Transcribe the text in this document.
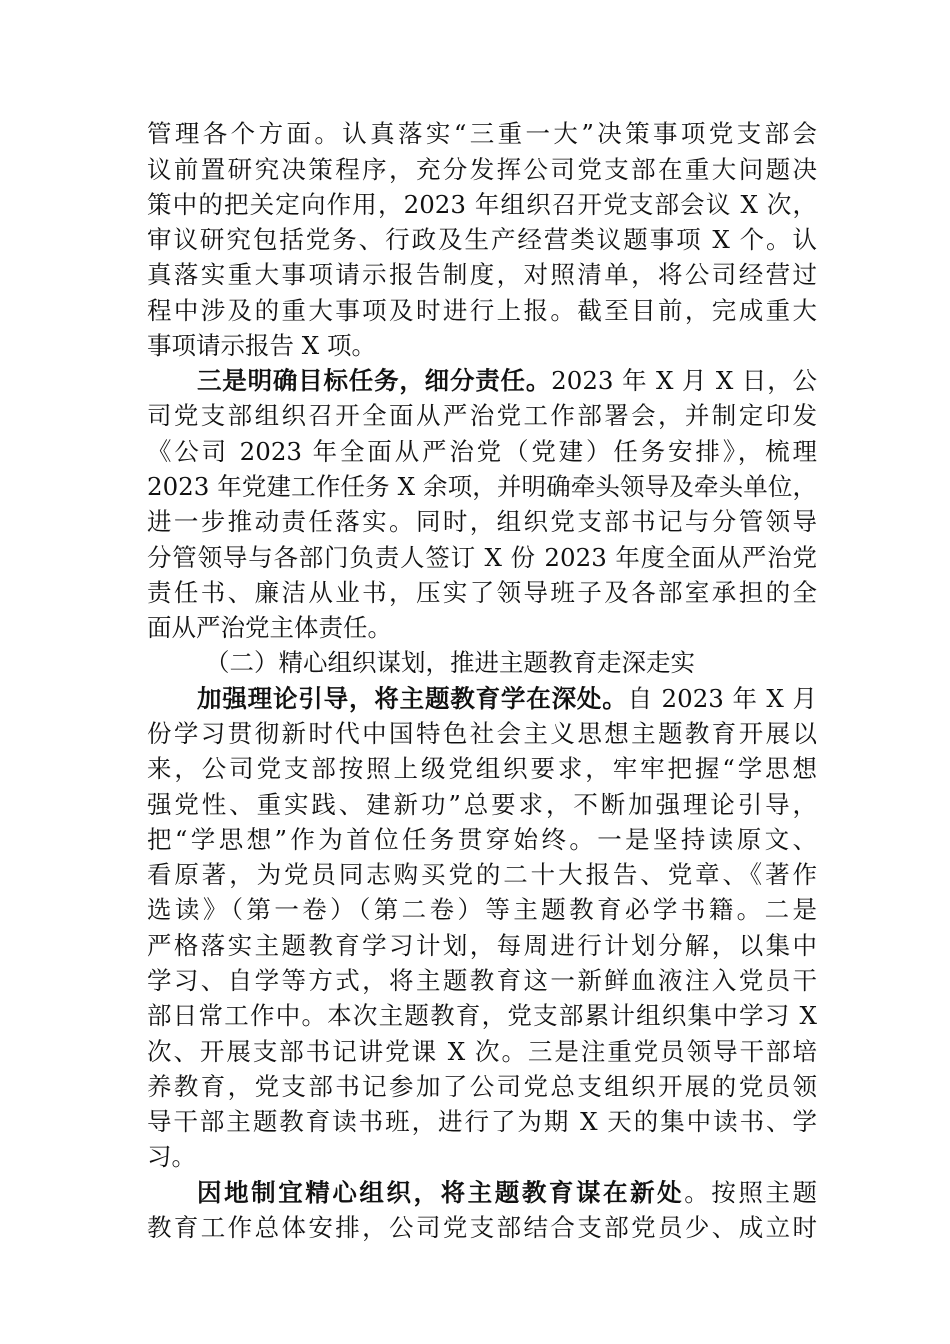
管理各个方面。认真落实“三重一大”决策事项党支部会
议前置研究决策程序，充分发挥公司党支部在重大问题决
策中的把关定向作用，2023 年组织召开党支部会议 X 次，
审议研究包括党务、行政及生产经营类议题事项 X 个。认
真落实重大事项请示报告制度，对照清单，将公司经营过
程中涉及的重大事项及时进行上报。截至目前，完成重大
事项请示报告 X 项。
三是明确目标任务，细分责任。2023 年 X 月 X 日，公
司党支部组织召开全面从严治党工作部署会，并制定印发
《公司 2023 年全面从严治党（党建）任务安排》，梳理
2023 年党建工作任务 X 余项，并明确牵头领导及牵头单位，
进一步推动责任落实。同时，组织党支部书记与分管领导
分管领导与各部门负责人签订 X 份 2023 年度全面从严治党
责任书、廉洁从业书，压实了领导班子及各部室承担的全
面从严治党主体责任。
（二）精心组织谋划，推进主题教育走深走实
加强理论引导，将主题教育学在深处。自 2023 年 X 月
份学习贯彻新时代中国特色社会主义思想主题教育开展以
来，公司党支部按照上级党组织要求，牢牢把握“学思想
强党性、重实践、建新功”总要求，不断加强理论引导，
把“学思想”作为首位任务贯穿始终。一是坚持读原文、
看原著，为党员同志购买党的二十大报告、党章、《著作
选读》（第一卷）（第二卷）等主题教育必学书籍。二是
严格落实主题教育学习计划，每周进行计划分解，以集中
学习、自学等方式，将主题教育这一新鲜血液注入党员干
部日常工作中。本次主题教育，党支部累计组织集中学习 X
次、开展支部书记讲党课 X 次。三是注重党员领导干部培
养教育，党支部书记参加了公司党总支组织开展的党员领
导干部主题教育读书班，进行了为期 X 天的集中读书、学
习。
因地制宜精心组织，将主题教育谋在新处。按照主题
教育工作总体安排，公司党支部结合支部党员少、成立时
